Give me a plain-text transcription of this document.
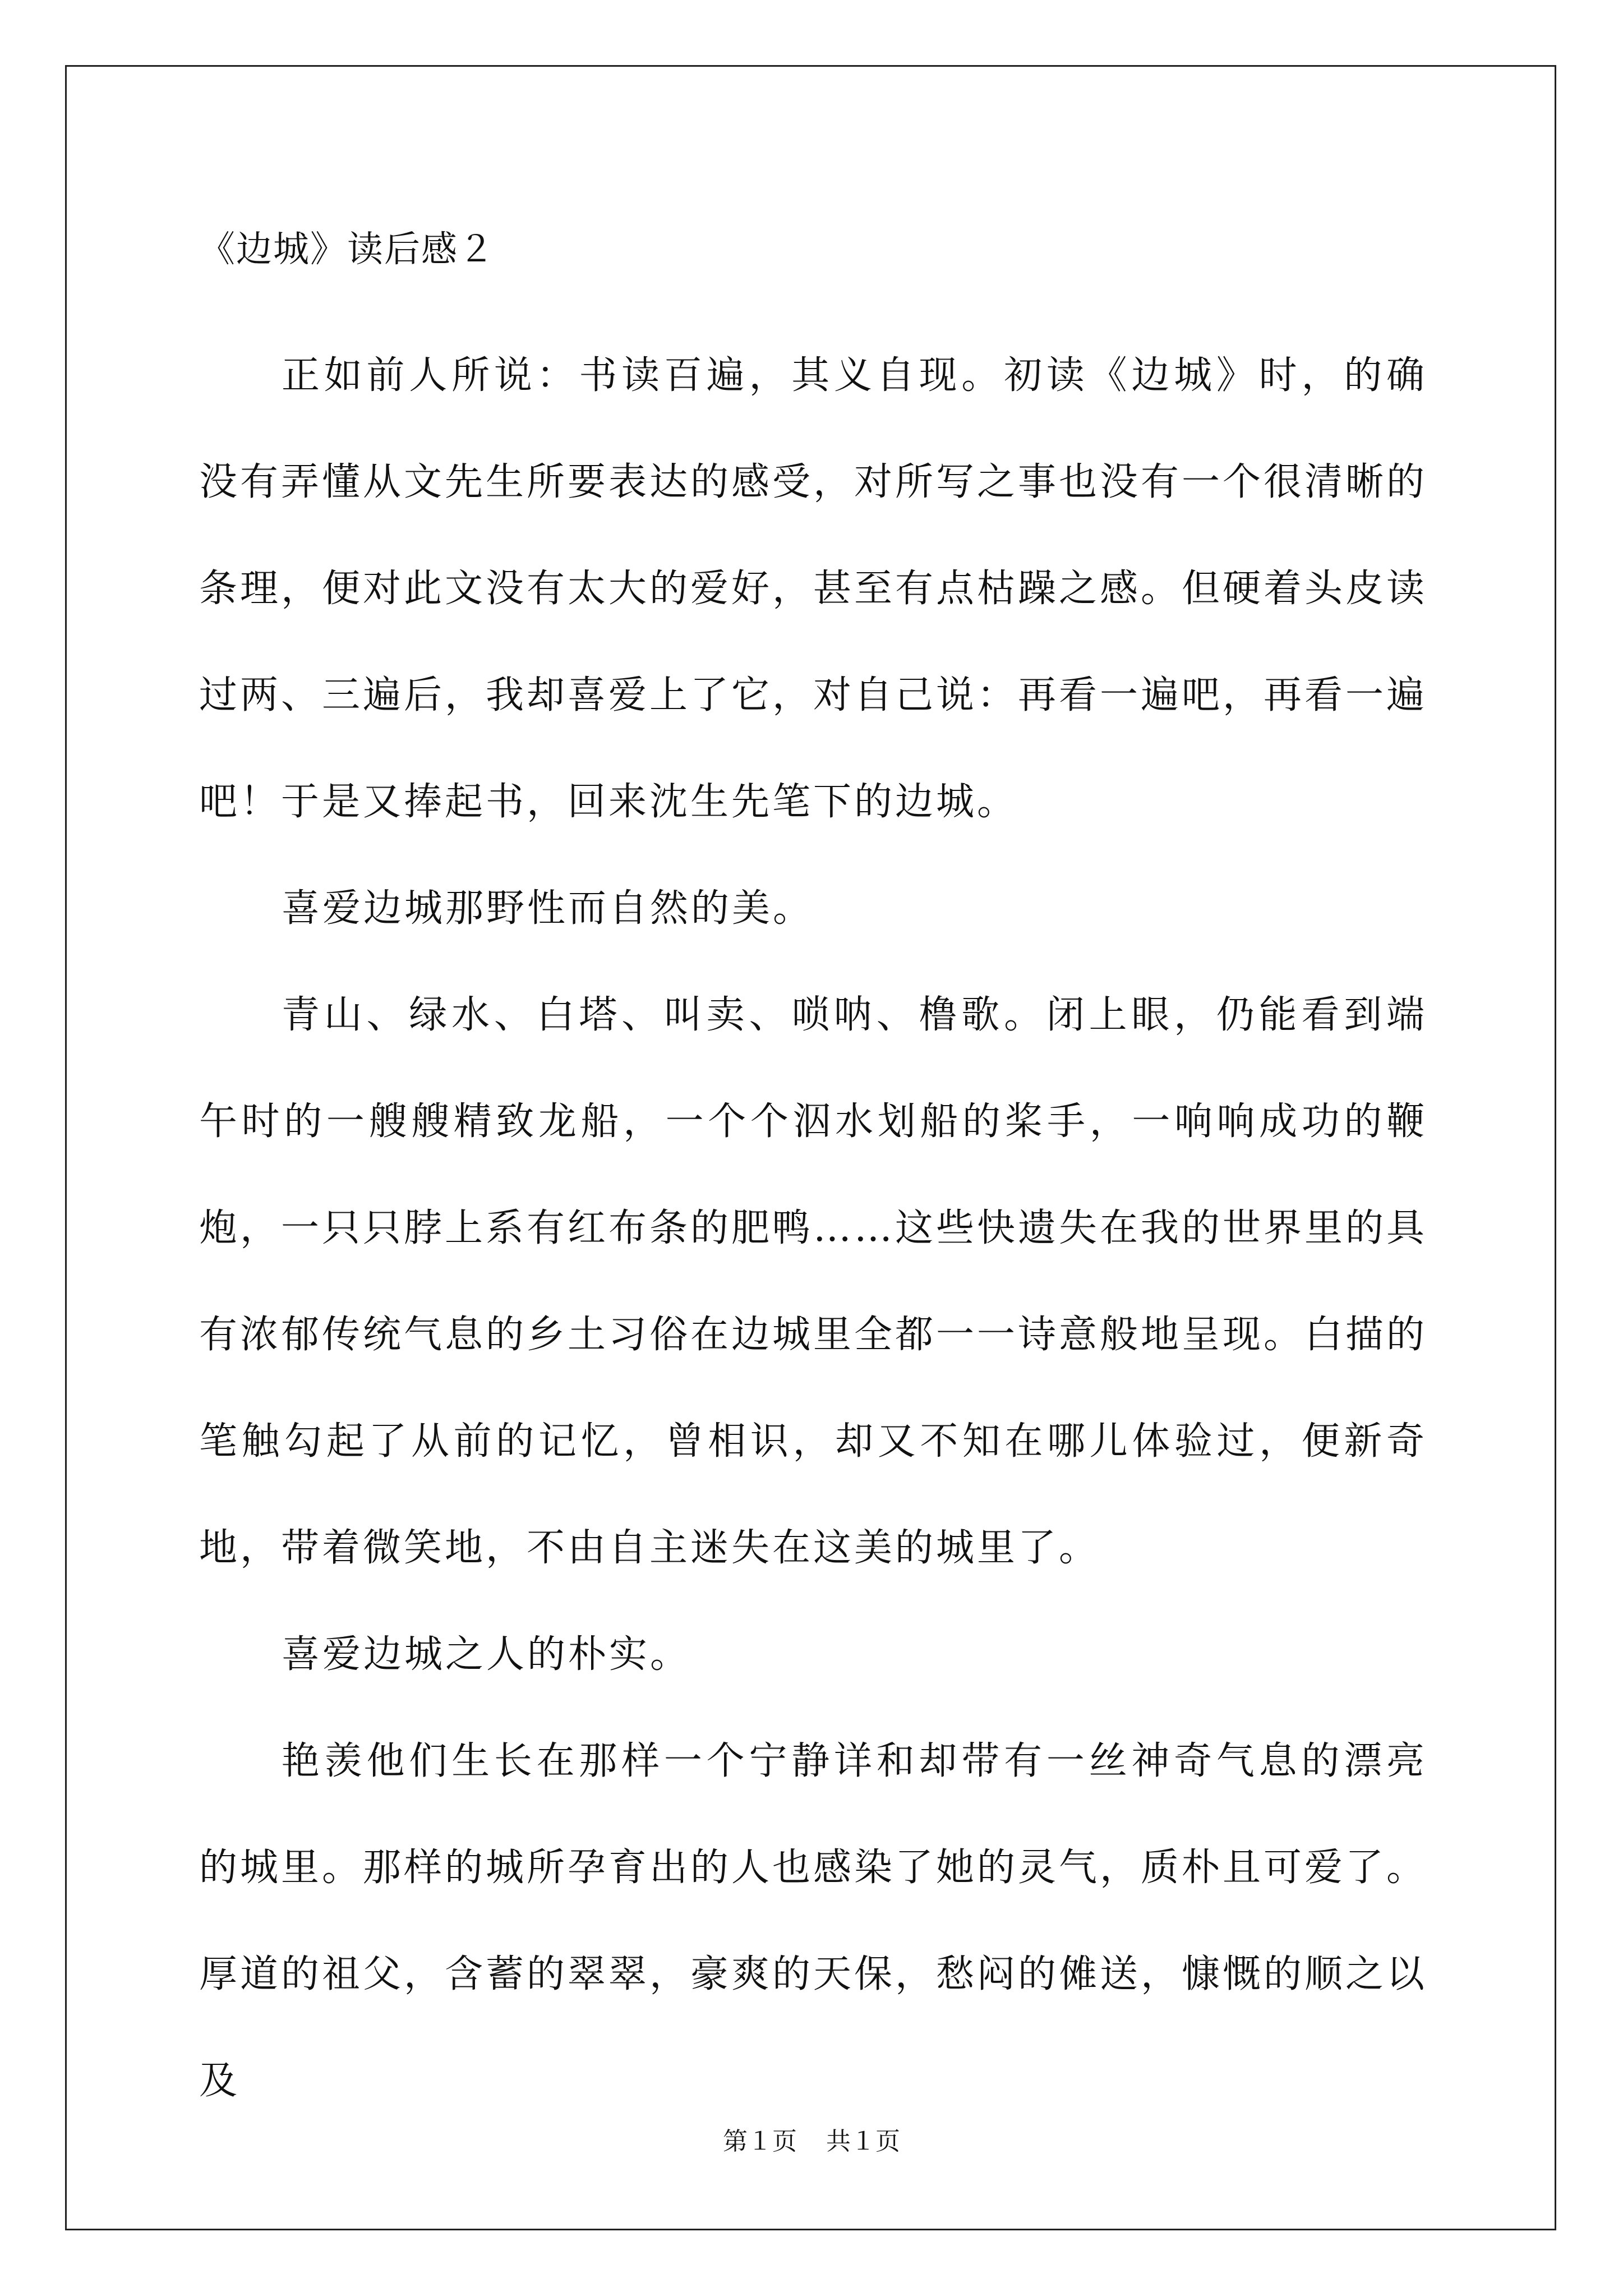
《边城》读后感２

正如前人所说：书读百遍，其义自现。初读《边城》时，的确没有弄懂从文先生所要表达的感受，对所写之事也没有一个很清晰的条理，便对此文没有太大的爱好，甚至有点枯躁之感。但硬着头皮读过两、三遍后，我却喜爱上了它，对自己说：再看一遍吧，再看一遍吧！于是又捧起书，回来沈生先笔下的边城。

喜爱边城那野性而自然的美。

青山、绿水、白塔、叫卖、唢呐、橹歌。闭上眼，仍能看到端午时的一艘艘精致龙船，一个个泅水划船的桨手，一响响成功的鞭炮，一只只脖上系有红布条的肥鸭……这些快遗失在我的世界里的具有浓郁传统气息的乡土习俗在边城里全都一一诗意般地呈现。白描的笔触勾起了从前的记忆，曾相识，却又不知在哪儿体验过，便新奇地，带着微笑地，不由自主迷失在这美的城里了。

喜爱边城之人的朴实。

艳羡他们生长在那样一个宁静详和却带有一丝神奇气息的漂亮的城里。那样的城所孕育出的人也感染了她的灵气，质朴且可爱了。厚道的祖父，含蓄的翠翠，豪爽的天保，愁闷的傩送，慷慨的顺之以及

第１页 共１页
